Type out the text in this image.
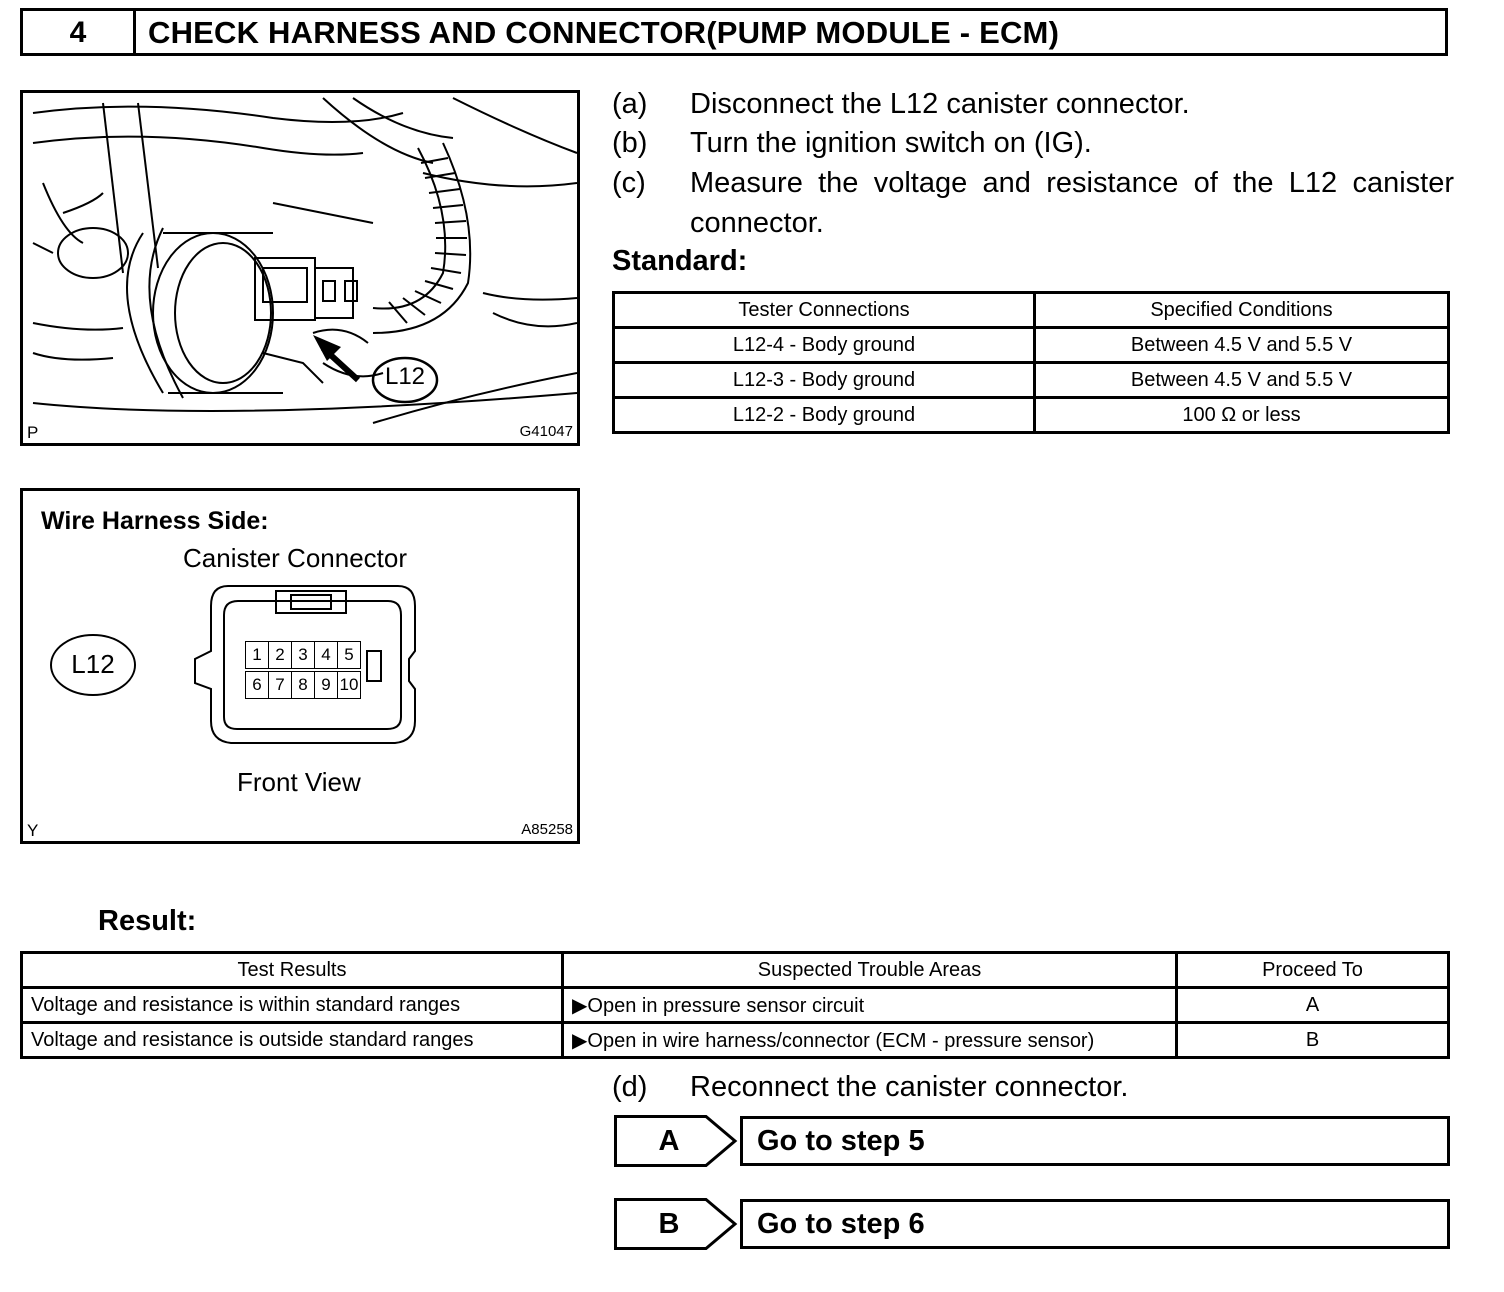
4	CHECK HARNESS AND CONNECTOR(PUMP MODULE - ECM)
L12
P	G41047
Wire Harness Side:
Canister Connector
L12	1 2 3 4 5
6 7 8 9 10
Front View
Y	A85258
(a) Disconnect the L12 canister connector.
(b) Turn the ignition switch on (IG).
(c) Measure the voltage and resistance of the L12 canister connector.
Standard:
Tester Connections	Specified Conditions
L12-4 - Body ground	Between 4.5 V and 5.5 V
L12-3 - Body ground	Between 4.5 V and 5.5 V
L12-2 - Body ground	100 Ω or less
Result:
Test Results	Suspected Trouble Areas	Proceed To
Voltage and resistance is within standard ranges	▶Open in pressure sensor circuit	A
Voltage and resistance is outside standard ranges	▶Open in wire harness/connector (ECM - pressure sensor)	B
(d) Reconnect the canister connector.
A	Go to step 5
B	Go to step 6
